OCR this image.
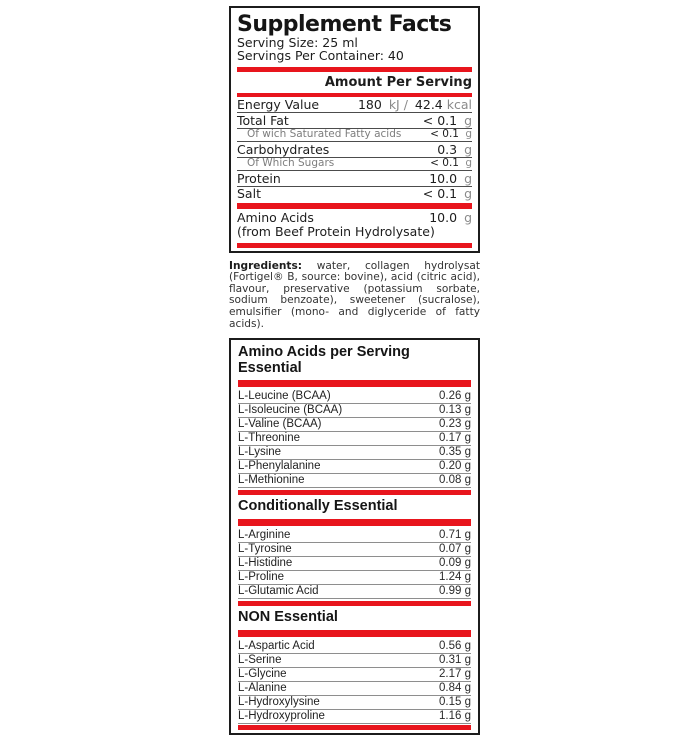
Supplement Facts
Serving Size: 25 ml
Servings Per Container: 40
Amount Per Serving
Energy Value	180 kJ / 42.4 kcal
Total Fat	< 0.1 g
Of wich Saturated Fatty acids	< 0.1 g
Carbohydrates	0.3 g
Of Which Sugars	< 0.1 g
Protein	10.0 g
Salt	< 0.1 g
Amino Acids	10.0 g
(from Beef Protein Hydrolysate)

Ingredients: water, collagen hydrolysat (Fortigel® B, source: bovine), acid (citric acid), flavour, preservative (potassium sorbate, sodium benzoate), sweetener (sucralose), emulsifier (mono- and diglyceride of fatty acids).

Amino Acids per Serving
Essential
L-Leucine (BCAA)	0.26 g
L-Isoleucine (BCAA)	0.13 g
L-Valine (BCAA)	0.23 g
L-Threonine	0.17 g
L-Lysine	0.35 g
L-Phenylalanine	0.20 g
L-Methionine	0.08 g
Conditionally Essential
L-Arginine	0.71 g
L-Tyrosine	0.07 g
L-Histidine	0.09 g
L-Proline	1.24 g
L-Glutamic Acid	0.99 g
NON Essential
L-Aspartic Acid	0.56 g
L-Serine	0.31 g
L-Glycine	2.17 g
L-Alanine	0.84 g
L-Hydroxylysine	0.15 g
L-Hydroxyproline	1.16 g
